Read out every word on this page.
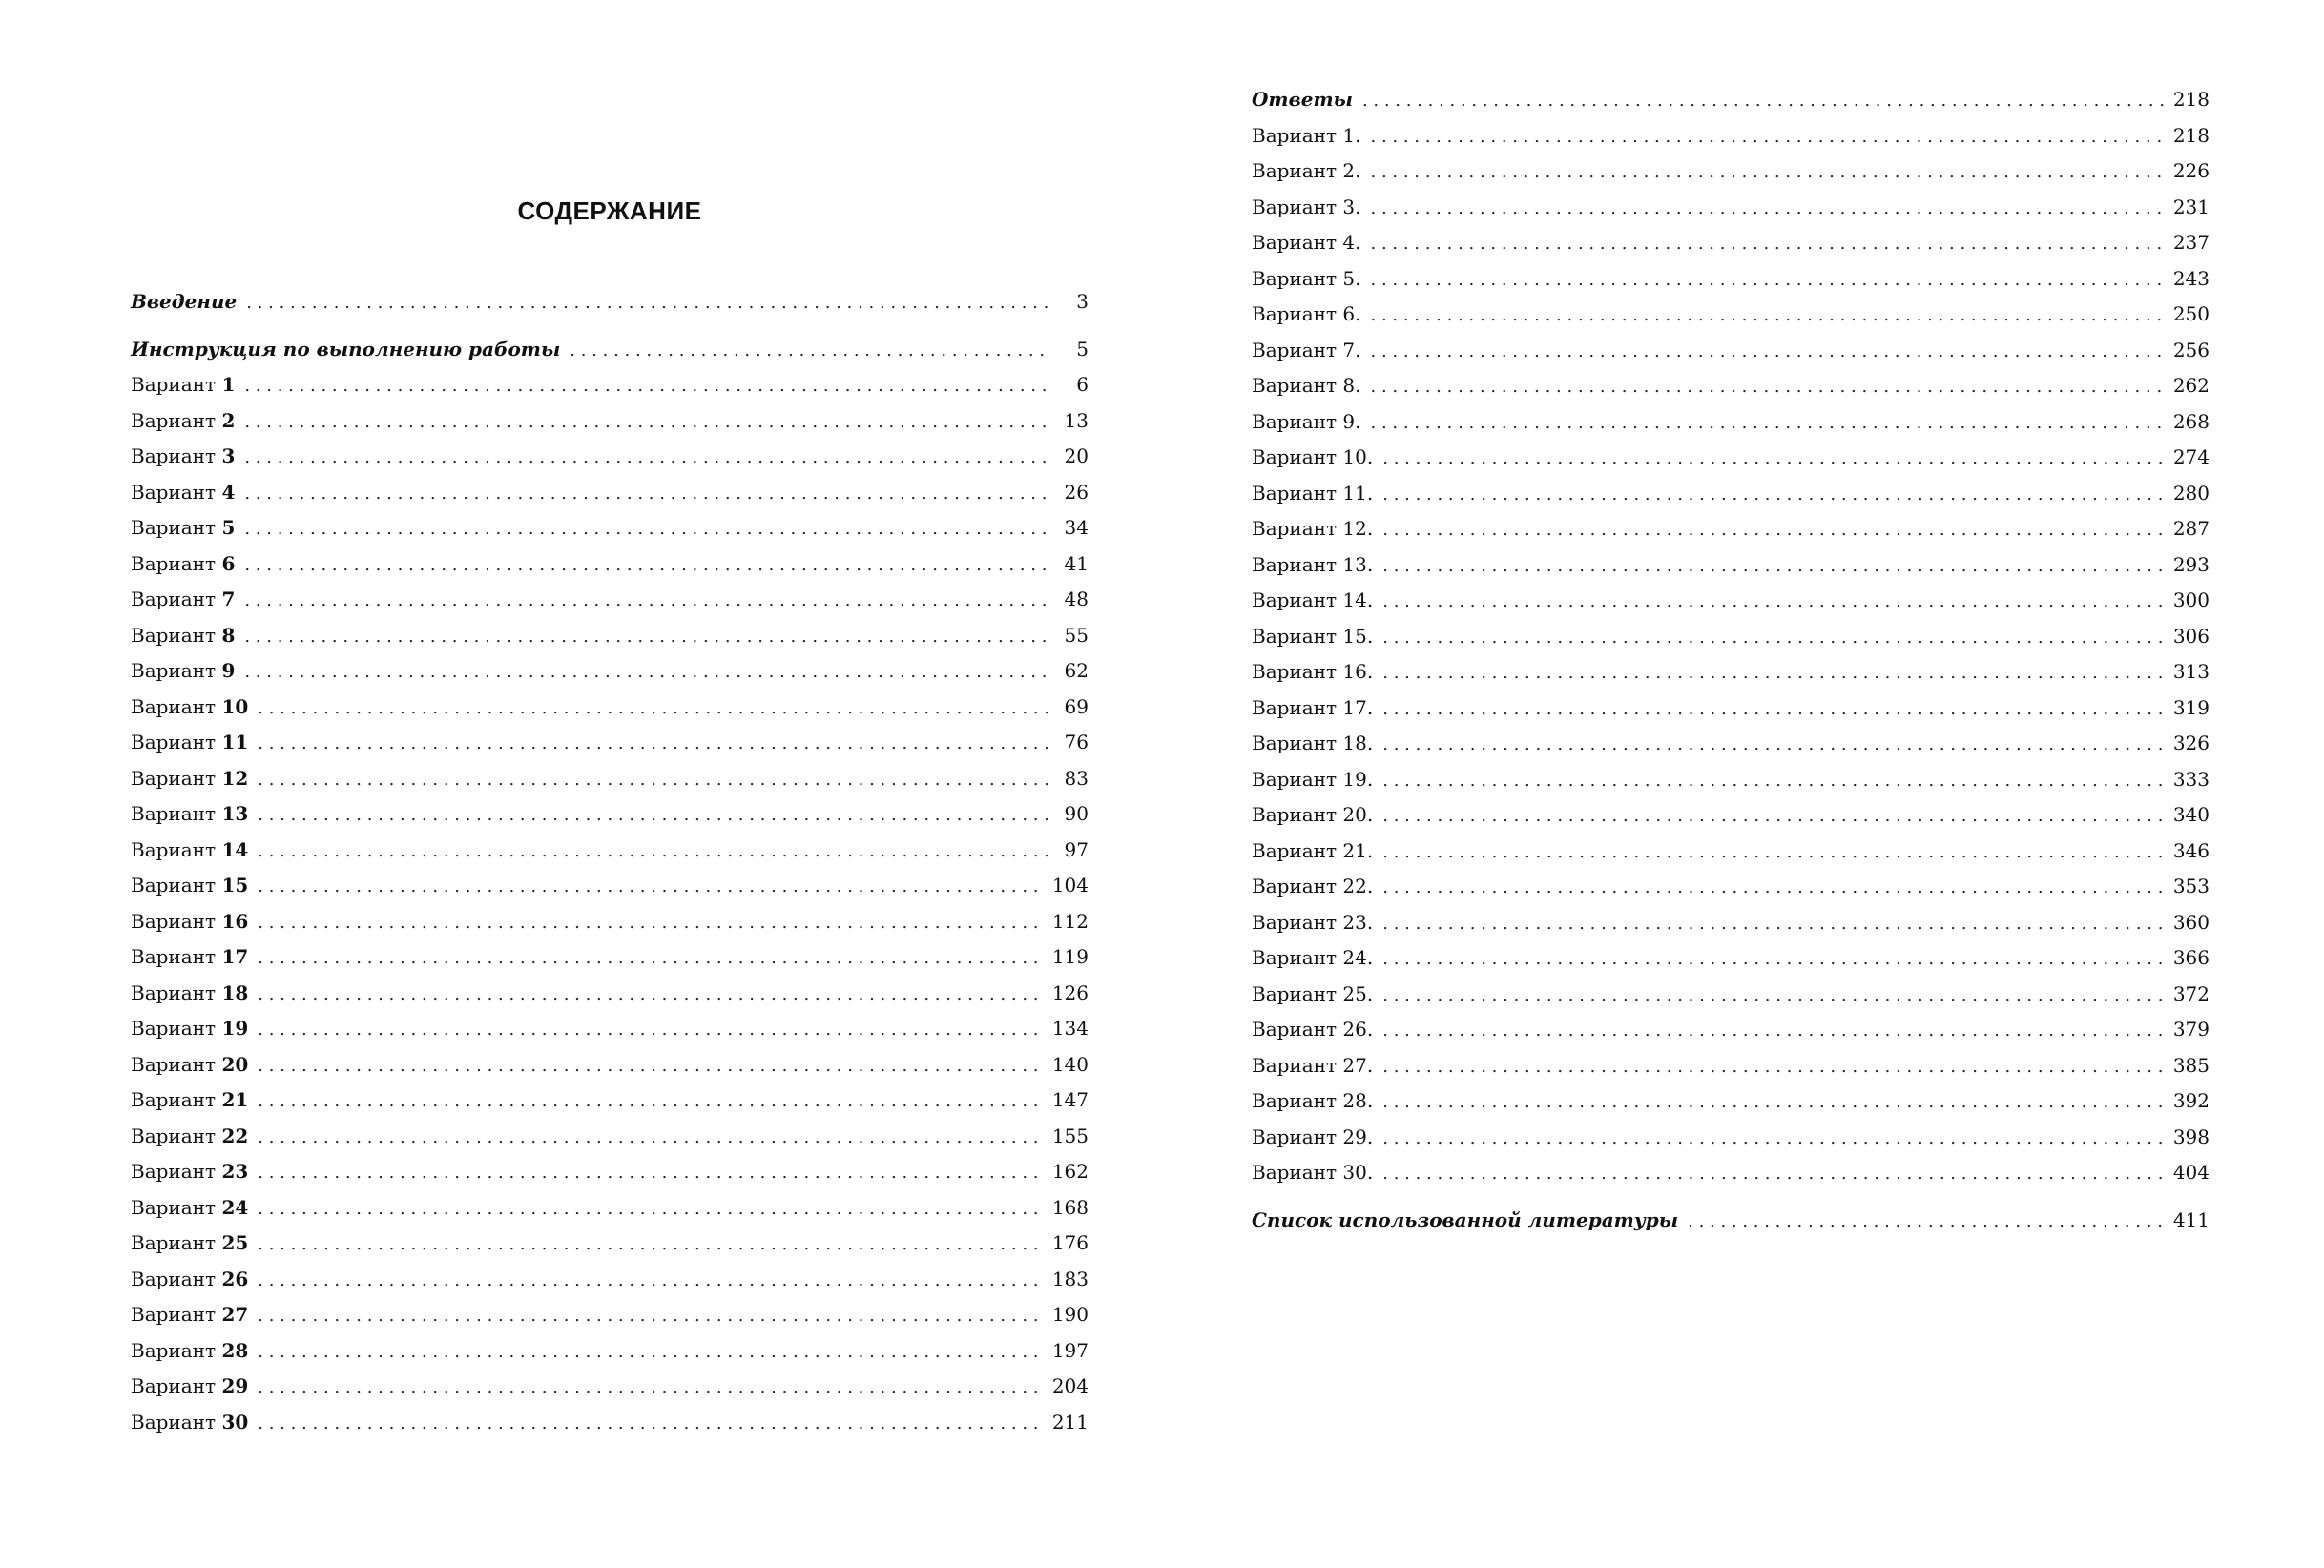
СОДЕРЖАНИЕ
Введение . . .	3
Инструкция по выполнению работы . . .	5
Вариант 1 . . .	6
Вариант 2 . . .	13
Вариант 3 . . .	20
Вариант 4 . . .	26
Вариант 5 . . .	34
Вариант 6 . . .	41
Вариант 7 . . .	48
Вариант 8 . . .	55
Вариант 9 . . .	62
Вариант 10 . . .	69
Вариант 11 . . .	76
Вариант 12 . . .	83
Вариант 13 . . .	90
Вариант 14 . . .	97
Вариант 15 . . .	104
Вариант 16 . . .	112
Вариант 17 . . .	119
Вариант 18 . . .	126
Вариант 19 . . .	134
Вариант 20 . . .	140
Вариант 21 . . .	147
Вариант 22 . . .	155
Вариант 23 . . .	162
Вариант 24 . . .	168
Вариант 25 . . .	176
Вариант 26 . . .	183
Вариант 27 . . .	190
Вариант 28 . . .	197
Вариант 29 . . .	204
Вариант 30 . . .	211
Ответы . . .	218
Вариант 1. . . .	218
Вариант 2. . . .	226
Вариант 3. . . .	231
Вариант 4. . . .	237
Вариант 5. . . .	243
Вариант 6. . . .	250
Вариант 7. . . .	256
Вариант 8. . . .	262
Вариант 9. . . .	268
Вариант 10. . . .	274
Вариант 11. . . .	280
Вариант 12. . . .	287
Вариант 13. . . .	293
Вариант 14. . . .	300
Вариант 15. . . .	306
Вариант 16. . . .	313
Вариант 17. . . .	319
Вариант 18. . . .	326
Вариант 19. . . .	333
Вариант 20. . . .	340
Вариант 21. . . .	346
Вариант 22. . . .	353
Вариант 23. . . .	360
Вариант 24. . . .	366
Вариант 25. . . .	372
Вариант 26. . . .	379
Вариант 27. . . .	385
Вариант 28. . . .	392
Вариант 29. . . .	398
Вариант 30. . . .	404
Список использованной литературы . . .	411
